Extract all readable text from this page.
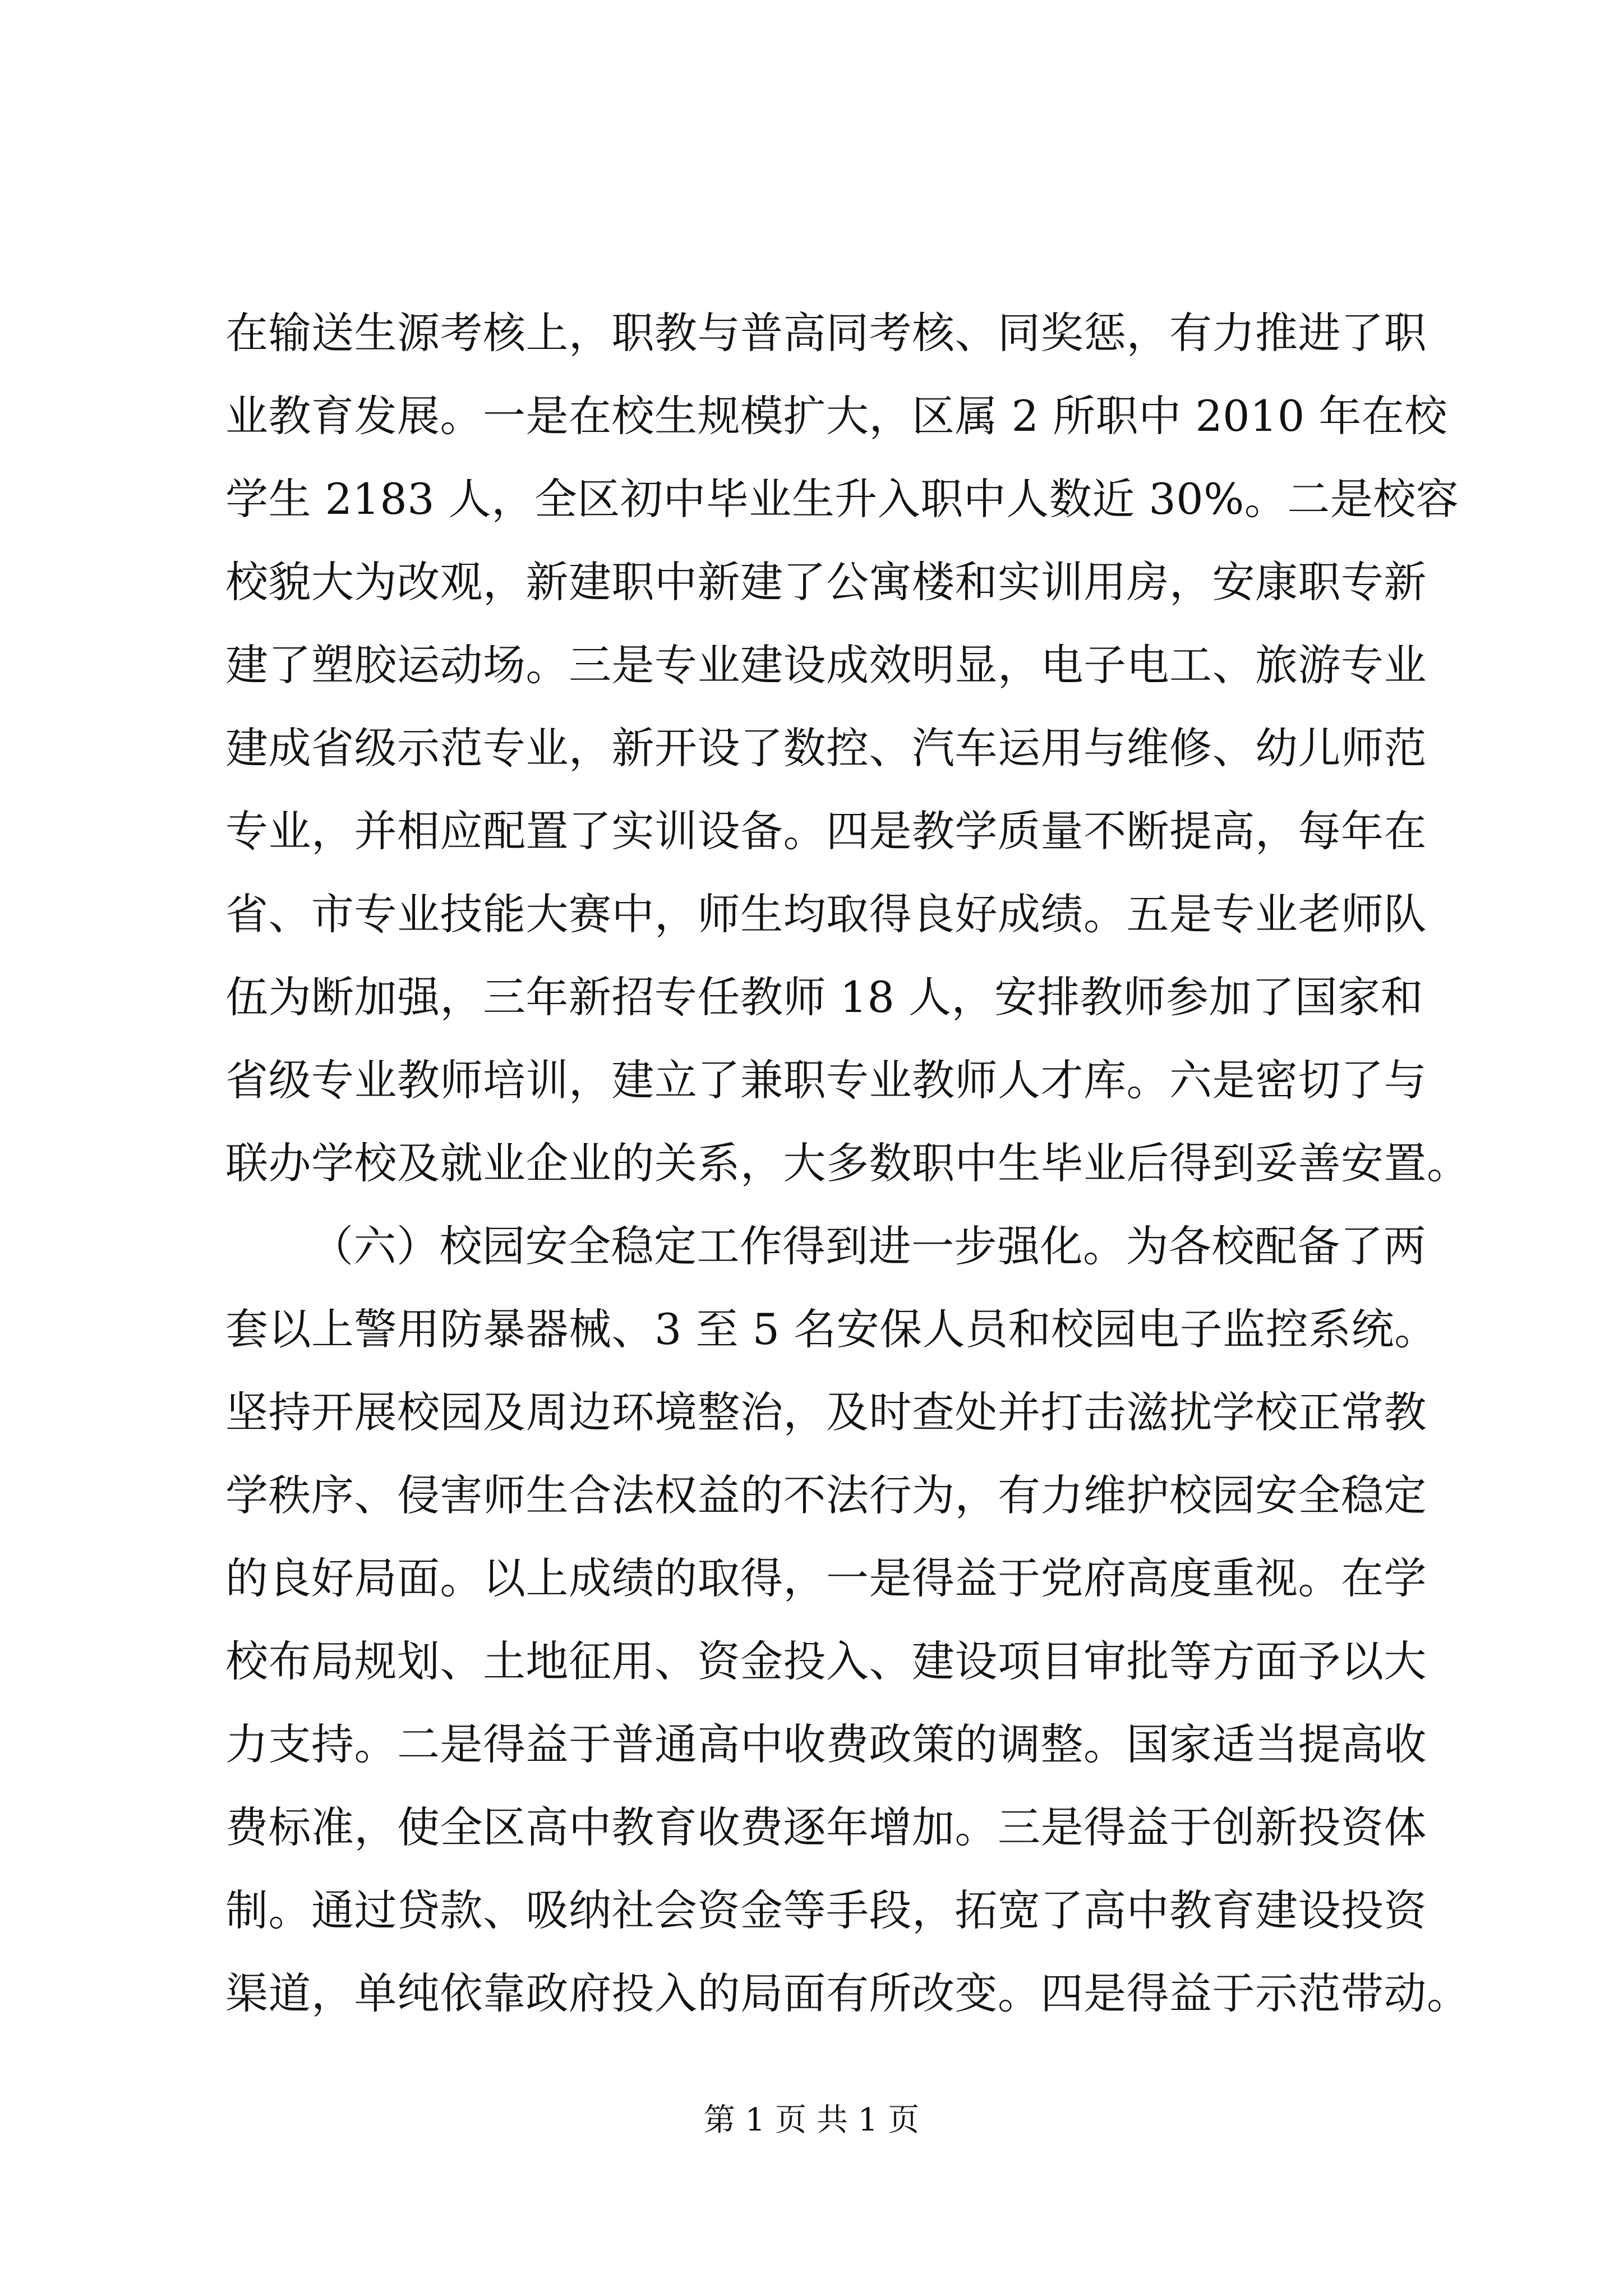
在输送生源考核上，职教与普高同考核、同奖惩，有力推进了职
业教育发展。一是在校生规模扩大，区属 2 所职中 2010 年在校
学生 2183 人，全区初中毕业生升入职中人数近 30%。二是校容
校貌大为改观，新建职中新建了公寓楼和实训用房，安康职专新
建了塑胶运动场。三是专业建设成效明显，电子电工、旅游专业
建成省级示范专业，新开设了数控、汽车运用与维修、幼儿师范
专业，并相应配置了实训设备。四是教学质量不断提高，每年在
省、市专业技能大赛中，师生均取得良好成绩。五是专业老师队
伍为断加强，三年新招专任教师 18 人，安排教师参加了国家和
省级专业教师培训，建立了兼职专业教师人才库。六是密切了与
联办学校及就业企业的关系，大多数职中生毕业后得到妥善安置。
（六）校园安全稳定工作得到进一步强化。为各校配备了两
套以上警用防暴器械、3 至 5 名安保人员和校园电子监控系统。
坚持开展校园及周边环境整治，及时查处并打击滋扰学校正常教
学秩序、侵害师生合法权益的不法行为，有力维护校园安全稳定
的良好局面。以上成绩的取得，一是得益于党府高度重视。在学
校布局规划、土地征用、资金投入、建设项目审批等方面予以大
力支持。二是得益于普通高中收费政策的调整。国家适当提高收
费标准，使全区高中教育收费逐年增加。三是得益于创新投资体
制。通过贷款、吸纳社会资金等手段，拓宽了高中教育建设投资
渠道，单纯依靠政府投入的局面有所改变。四是得益于示范带动。
第 1 页 共 1 页
